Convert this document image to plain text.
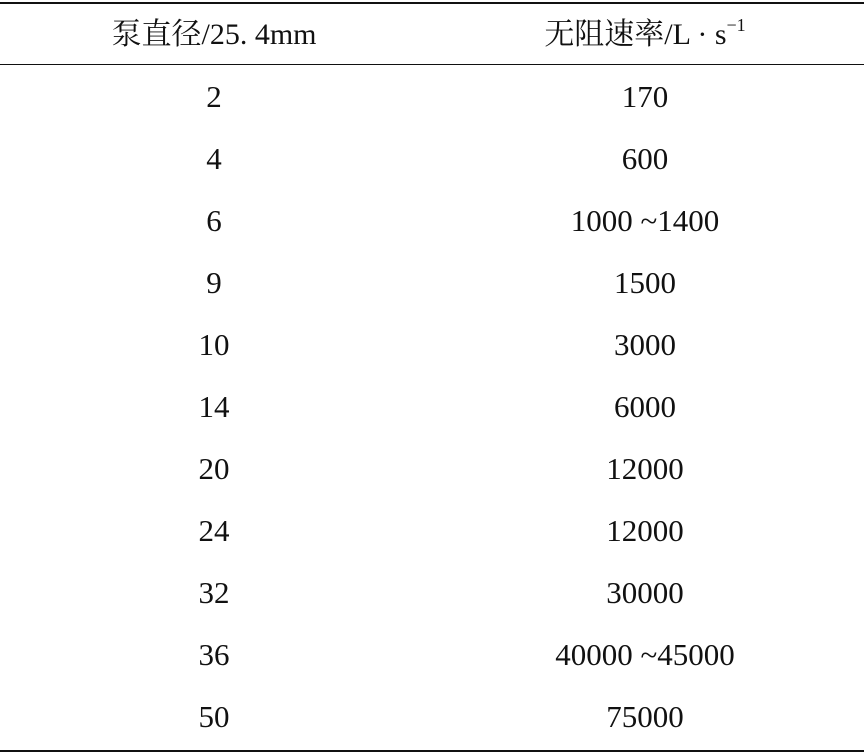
泵直径/25. 4mm	无阻速率$/L \cdot s^{-1}$
2	170
4	600
6	1000 ~1400
9	1500
10	3000
14	6000
20	12000
24	12000
32	30000
36	40000 ~45000
50	75000
